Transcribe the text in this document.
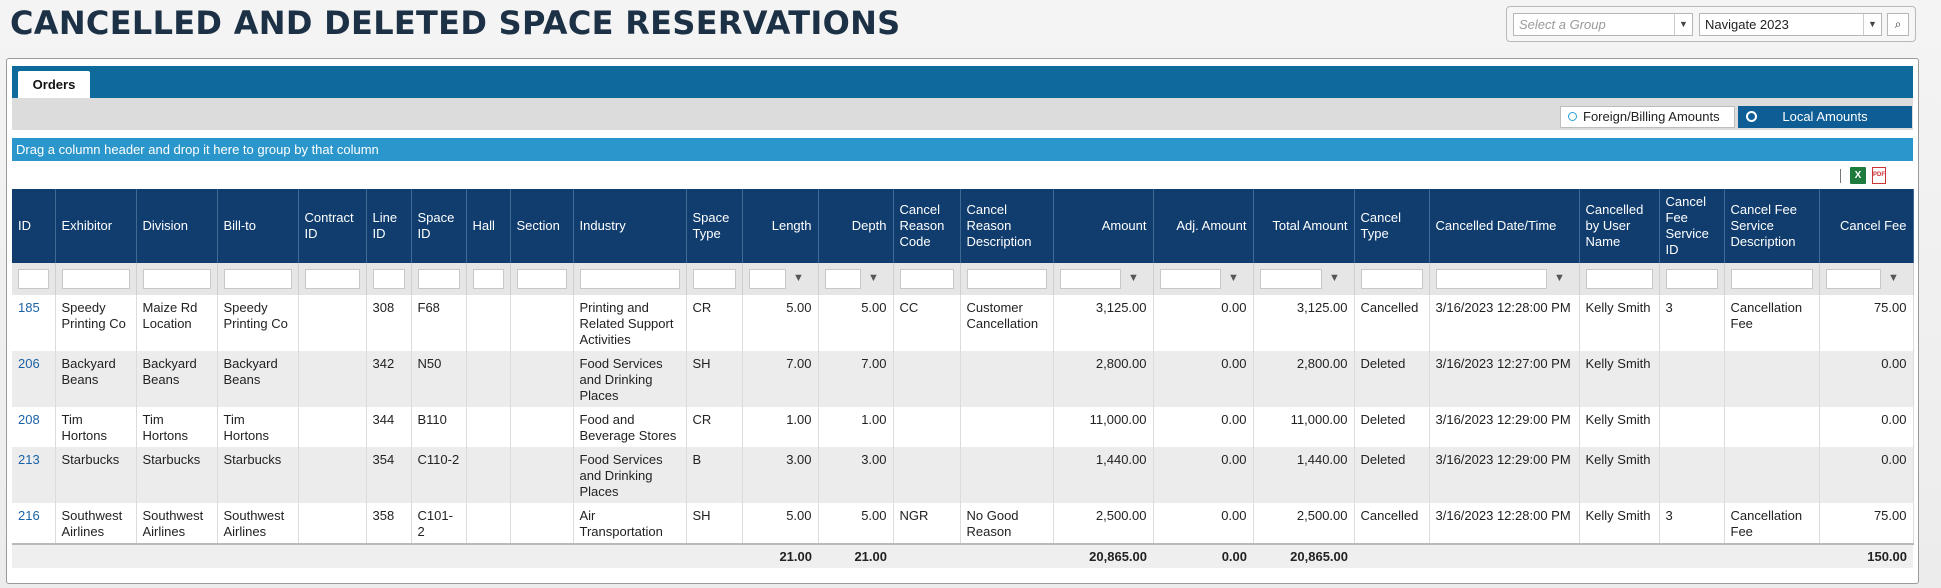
CANCELLED AND DELETED SPACE RESERVATIONS	Select a Group	▼	Navigate 2023	▼	⌕
Orders
Foreign/Billing Amounts	Local Amounts
Drag a column header and drop it here to group by that column
X	PDF
ID	Exhibitor	Division	Bill-to	Contract ID	Line ID	Space ID	Hall	Section	Industry	Space Type	Length	Depth	Cancel Reason Code	Cancel Reason Description	Amount	Adj. Amount	Total Amount	Cancel Type	Cancelled Date/Time	Cancelled by User Name	Cancel Fee Service ID	Cancel Fee Service Description	Cancel Fee
											▼	▼			▼	▼	▼		▼				▼
185	Speedy Printing Co	Maize Rd Location	Speedy Printing Co		308	F68			Printing and Related Support Activities	CR	5.00	5.00	CC	Customer Cancellation	3,125.00	0.00	3,125.00	Cancelled	3/16/2023 12:28:00 PM	Kelly Smith	3	Cancellation Fee	75.00
206	Backyard Beans	Backyard Beans	Backyard Beans		342	N50			Food Services and Drinking Places	SH	7.00	7.00			2,800.00	0.00	2,800.00	Deleted	3/16/2023 12:27:00 PM	Kelly Smith			0.00
208	Tim Hortons	Tim Hortons	Tim Hortons		344	B110			Food and Beverage Stores	CR	1.00	1.00			11,000.00	0.00	11,000.00	Deleted	3/16/2023 12:29:00 PM	Kelly Smith			0.00
213	Starbucks	Starbucks	Starbucks		354	C110-2			Food Services and Drinking Places	B	3.00	3.00			1,440.00	0.00	1,440.00	Deleted	3/16/2023 12:29:00 PM	Kelly Smith			0.00
216	Southwest Airlines	Southwest Airlines	Southwest Airlines		358	C101-2			Air Transportation	SH	5.00	5.00	NGR	No Good Reason	2,500.00	0.00	2,500.00	Cancelled	3/16/2023 12:28:00 PM	Kelly Smith	3	Cancellation Fee	75.00
											21.00	21.00			20,865.00	0.00	20,865.00						150.00
